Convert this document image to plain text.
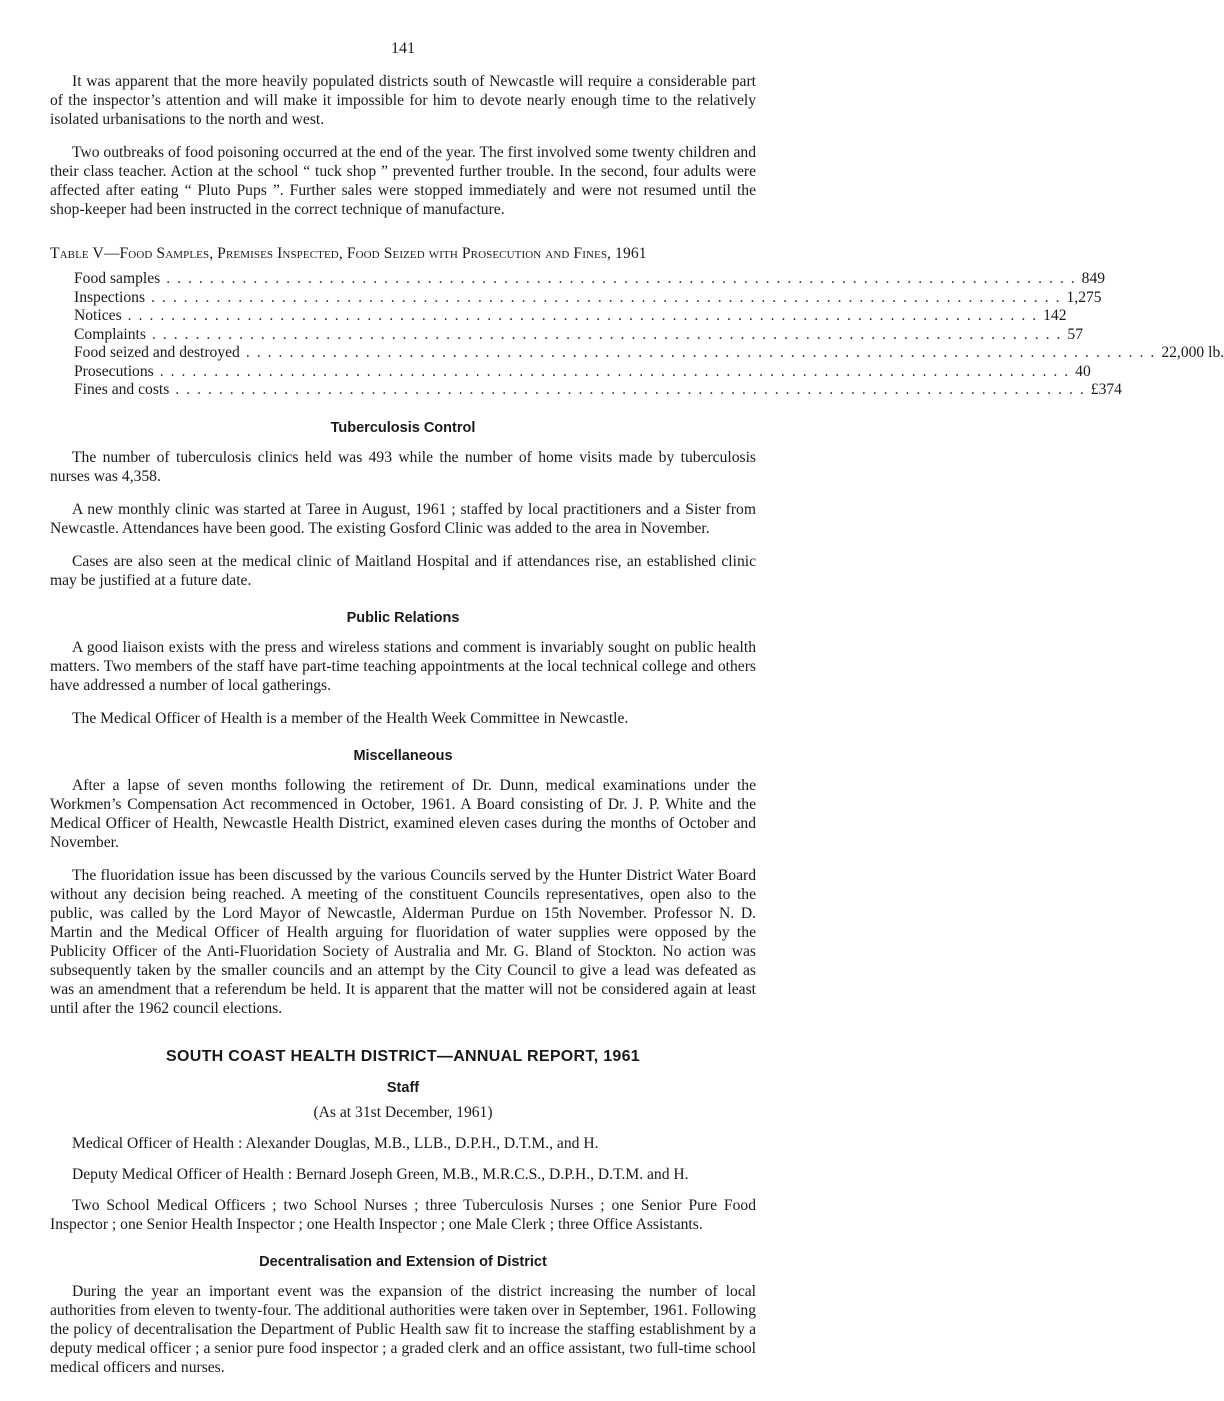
141

It was apparent that the more heavily populated districts south of Newcastle will require a considerable part of the inspector’s attention and will make it impossible for him to devote nearly enough time to the relatively isolated urbanisations to the north and west.

Two outbreaks of food poisoning occurred at the end of the year. The first involved some twenty children and their class teacher. Action at the school “ tuck shop ” prevented further trouble. In the second, four adults were affected after eating “ Pluto Pups ”. Further sales were stopped immediately and were not resumed until the shop-keeper had been instructed in the correct technique of manufacture.

Table V—Food Samples, Premises Inspected, Food Seized with Prosecution and Fines, 1961
Food samples .................................................................................... 849
Inspections .................................................................................... 1,275
Notices .................................................................................... 142
Complaints .................................................................................... 57
Food seized and destroyed .................................................................................... 22,000 lb.
Prosecutions .................................................................................... 40
Fines and costs .................................................................................... £374
Tuberculosis Control

The number of tuberculosis clinics held was 493 while the number of home visits made by tuberculosis nurses was 4,358.

A new monthly clinic was started at Taree in August, 1961 ; staffed by local practitioners and a Sister from Newcastle. Attendances have been good. The existing Gosford Clinic was added to the area in November.

Cases are also seen at the medical clinic of Maitland Hospital and if attendances rise, an established clinic may be justified at a future date.

Public Relations

A good liaison exists with the press and wireless stations and comment is invariably sought on public health matters. Two members of the staff have part-time teaching appointments at the local technical college and others have addressed a number of local gatherings.

The Medical Officer of Health is a member of the Health Week Committee in Newcastle.

Miscellaneous

After a lapse of seven months following the retirement of Dr. Dunn, medical examinations under the Workmen’s Compensation Act recommenced in October, 1961. A Board consisting of Dr. J. P. White and the Medical Officer of Health, Newcastle Health District, examined eleven cases during the months of October and November.

The fluoridation issue has been discussed by the various Councils served by the Hunter District Water Board without any decision being reached. A meeting of the constituent Councils representatives, open also to the public, was called by the Lord Mayor of Newcastle, Alderman Purdue on 15th November. Professor N. D. Martin and the Medical Officer of Health arguing for fluoridation of water supplies were opposed by the Publicity Officer of the Anti-Fluoridation Society of Australia and Mr. G. Bland of Stockton. No action was subsequently taken by the smaller councils and an attempt by the City Council to give a lead was defeated as was an amendment that a referendum be held. It is apparent that the matter will not be considered again at least until after the 1962 council elections.

SOUTH COAST HEALTH DISTRICT—ANNUAL REPORT, 1961
Staff
(As at 31st December, 1961)

Medical Officer of Health : Alexander Douglas, M.B., LLB., D.P.H., D.T.M., and H.

Deputy Medical Officer of Health : Bernard Joseph Green, M.B., M.R.C.S., D.P.H., D.T.M. and H.

Two School Medical Officers ; two School Nurses ; three Tuberculosis Nurses ; one Senior Pure Food Inspector ; one Senior Health Inspector ; one Health Inspector ; one Male Clerk ; three Office Assistants.

Decentralisation and Extension of District

During the year an important event was the expansion of the district increasing the number of local authorities from eleven to twenty-four. The additional authorities were taken over in September, 1961. Following the policy of decentralisation the Department of Public Health saw fit to increase the staffing establishment by a deputy medical officer ; a senior pure food inspector ; a graded clerk and an office assistant, two full-time school medical officers and nurses.
